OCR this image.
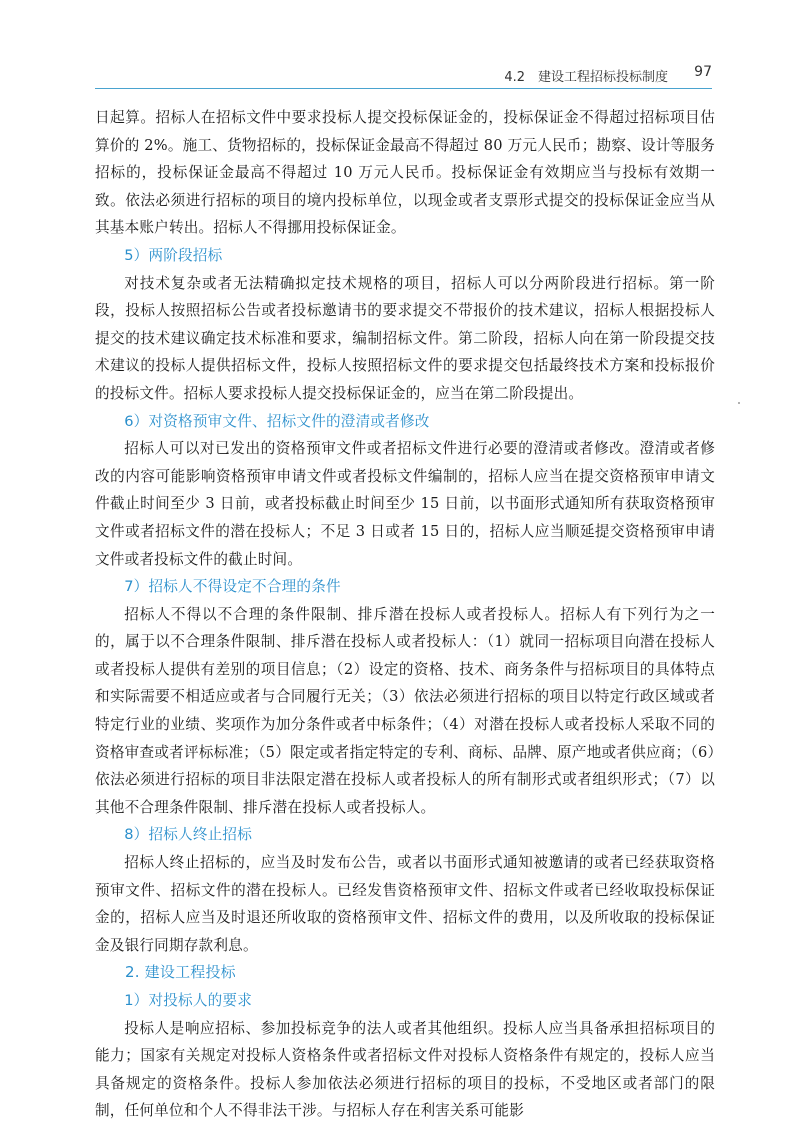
4.2　建设工程招标投标制度 97

日起算。招标人在招标文件中要求投标人提交投标保证金的，投标保证金不得超过招标项目估算价的 2%。施工、货物招标的，投标保证金最高不得超过 80 万元人民币；勘察、设计等服务招标的，投标保证金最高不得超过 10 万元人民币。投标保证金有效期应当与投标有效期一致。依法必须进行招标的项目的境内投标单位，以现金或者支票形式提交的投标保证金应当从其基本账户转出。招标人不得挪用投标保证金。

5）两阶段招标

对技术复杂或者无法精确拟定技术规格的项目，招标人可以分两阶段进行招标。第一阶段，投标人按照招标公告或者投标邀请书的要求提交不带报价的技术建议，招标人根据投标人提交的技术建议确定技术标准和要求，编制招标文件。第二阶段，招标人向在第一阶段提交技术建议的投标人提供招标文件，投标人按照招标文件的要求提交包括最终技术方案和投标报价的投标文件。招标人要求投标人提交投标保证金的，应当在第二阶段提出。

6）对资格预审文件、招标文件的澄清或者修改

招标人可以对已发出的资格预审文件或者招标文件进行必要的澄清或者修改。澄清或者修改的内容可能影响资格预审申请文件或者投标文件编制的，招标人应当在提交资格预审申请文件截止时间至少 3 日前，或者投标截止时间至少 15 日前，以书面形式通知所有获取资格预审文件或者招标文件的潜在投标人；不足 3 日或者 15 日的，招标人应当顺延提交资格预审申请文件或者投标文件的截止时间。

7）招标人不得设定不合理的条件

招标人不得以不合理的条件限制、排斥潜在投标人或者投标人。招标人有下列行为之一的，属于以不合理条件限制、排斥潜在投标人或者投标人：（1）就同一招标项目向潜在投标人或者投标人提供有差别的项目信息；（2）设定的资格、技术、商务条件与招标项目的具体特点和实际需要不相适应或者与合同履行无关；（3）依法必须进行招标的项目以特定行政区域或者特定行业的业绩、奖项作为加分条件或者中标条件；（4）对潜在投标人或者投标人采取不同的资格审查或者评标标准；（5）限定或者指定特定的专利、商标、品牌、原产地或者供应商；（6）依法必须进行招标的项目非法限定潜在投标人或者投标人的所有制形式或者组织形式；（7）以其他不合理条件限制、排斥潜在投标人或者投标人。

8）招标人终止招标

招标人终止招标的，应当及时发布公告，或者以书面形式通知被邀请的或者已经获取资格预审文件、招标文件的潜在投标人。已经发售资格预审文件、招标文件或者已经收取投标保证金的，招标人应当及时退还所收取的资格预审文件、招标文件的费用，以及所收取的投标保证金及银行同期存款利息。

2. 建设工程投标
1）对投标人的要求

投标人是响应招标、参加投标竞争的法人或者其他组织。投标人应当具备承担招标项目的能力；国家有关规定对投标人资格条件或者招标文件对投标人资格条件有规定的，投标人应当具备规定的资格条件。投标人参加依法必须进行招标的项目的投标，不受地区或者部门的限制，任何单位和个人不得非法干涉。与招标人存在利害关系可能影
